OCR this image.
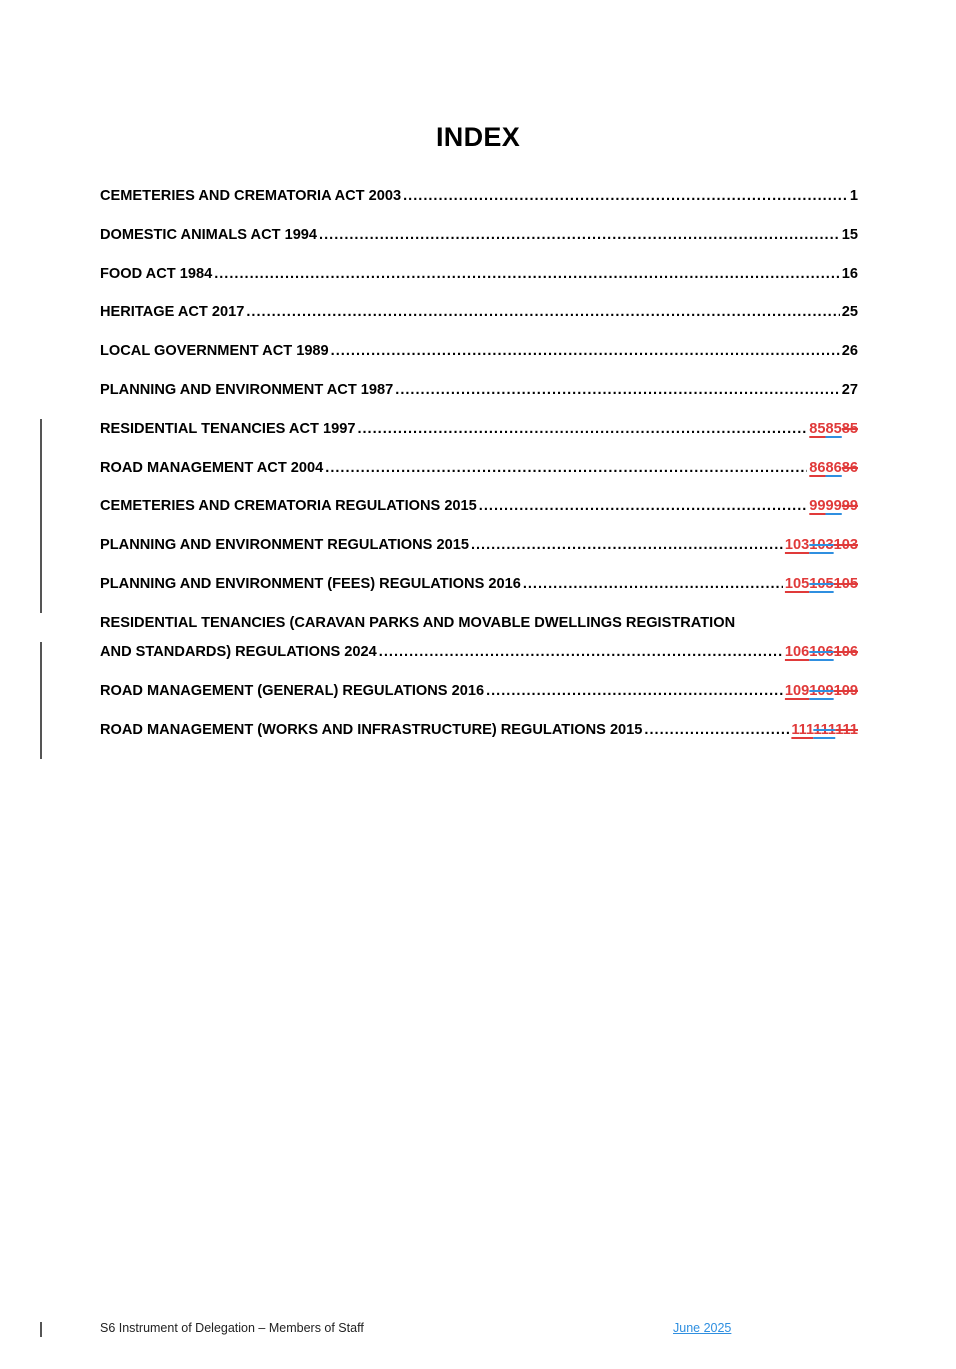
INDEX
CEMETERIES AND CREMATORIA ACT 2003 .....	1
DOMESTIC ANIMALS ACT 1994 .....	15
FOOD ACT 1984 .....	16
HERITAGE ACT 2017 .....	25
LOCAL GOVERNMENT ACT 1989 .....	26
PLANNING AND ENVIRONMENT ACT 1987 .....	27
RESIDENTIAL TENANCIES ACT 1997 .....	858585
ROAD MANAGEMENT ACT 2004 .....	868686
CEMETERIES AND CREMATORIA REGULATIONS 2015 .....	999999
PLANNING AND ENVIRONMENT REGULATIONS 2015 .....	103103103
PLANNING AND ENVIRONMENT (FEES) REGULATIONS 2016 .....	105105105
RESIDENTIAL TENANCIES (CARAVAN PARKS AND MOVABLE DWELLINGS REGISTRATION
AND STANDARDS) REGULATIONS 2024 .....	106106106
ROAD MANAGEMENT (GENERAL) REGULATIONS 2016 .....	109109109
ROAD MANAGEMENT (WORKS AND INFRASTRUCTURE) REGULATIONS 2015 .....	111111111
S6 Instrument of Delegation – Members of Staff	June 2025
